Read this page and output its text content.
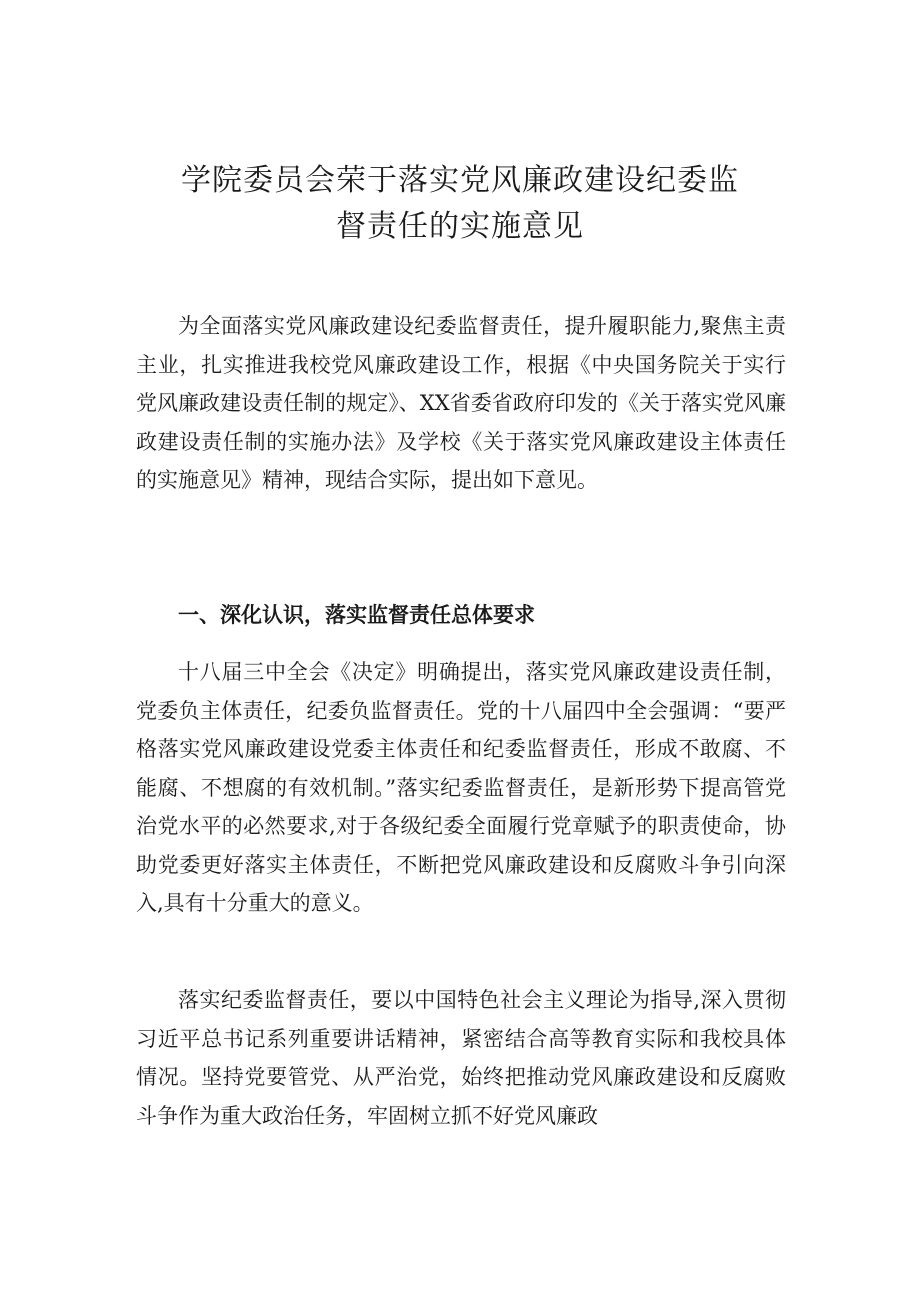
学院委员会荣于落实党风廉政建设纪委监
督责任的实施意见

为全面落实党风廉政建设纪委监督责任，提升履职能力,聚焦主责主业，扎实推进我校党风廉政建设工作，根据《中央国务院关于实行党风廉政建设责任制的规定》、XX省委省政府印发的《关于落实党风廉政建设责任制的实施办法》及学校《关于落实党风廉政建设主体责任的实施意见》精神，现结合实际，提出如下意见。

一、深化认识，落实监督责任总体要求

十八届三中全会《决定》明确提出，落实党风廉政建设责任制，党委负主体责任，纪委负监督责任。党的十八届四中全会强调：“要严格落实党风廉政建设党委主体责任和纪委监督责任，形成不敢腐、不能腐、不想腐的有效机制。”落实纪委监督责任，是新形势下提高管党治党水平的必然要求,对于各级纪委全面履行党章赋予的职责使命，协助党委更好落实主体责任，不断把党风廉政建设和反腐败斗争引向深入,具有十分重大的意义。

落实纪委监督责任，要以中国特色社会主义理论为指导,深入贯彻习近平总书记系列重要讲话精神，紧密结合高等教育实际和我校具体情况。坚持党要管党、从严治党，始终把推动党风廉政建设和反腐败斗争作为重大政治任务，牢固树立抓不好党风廉政
